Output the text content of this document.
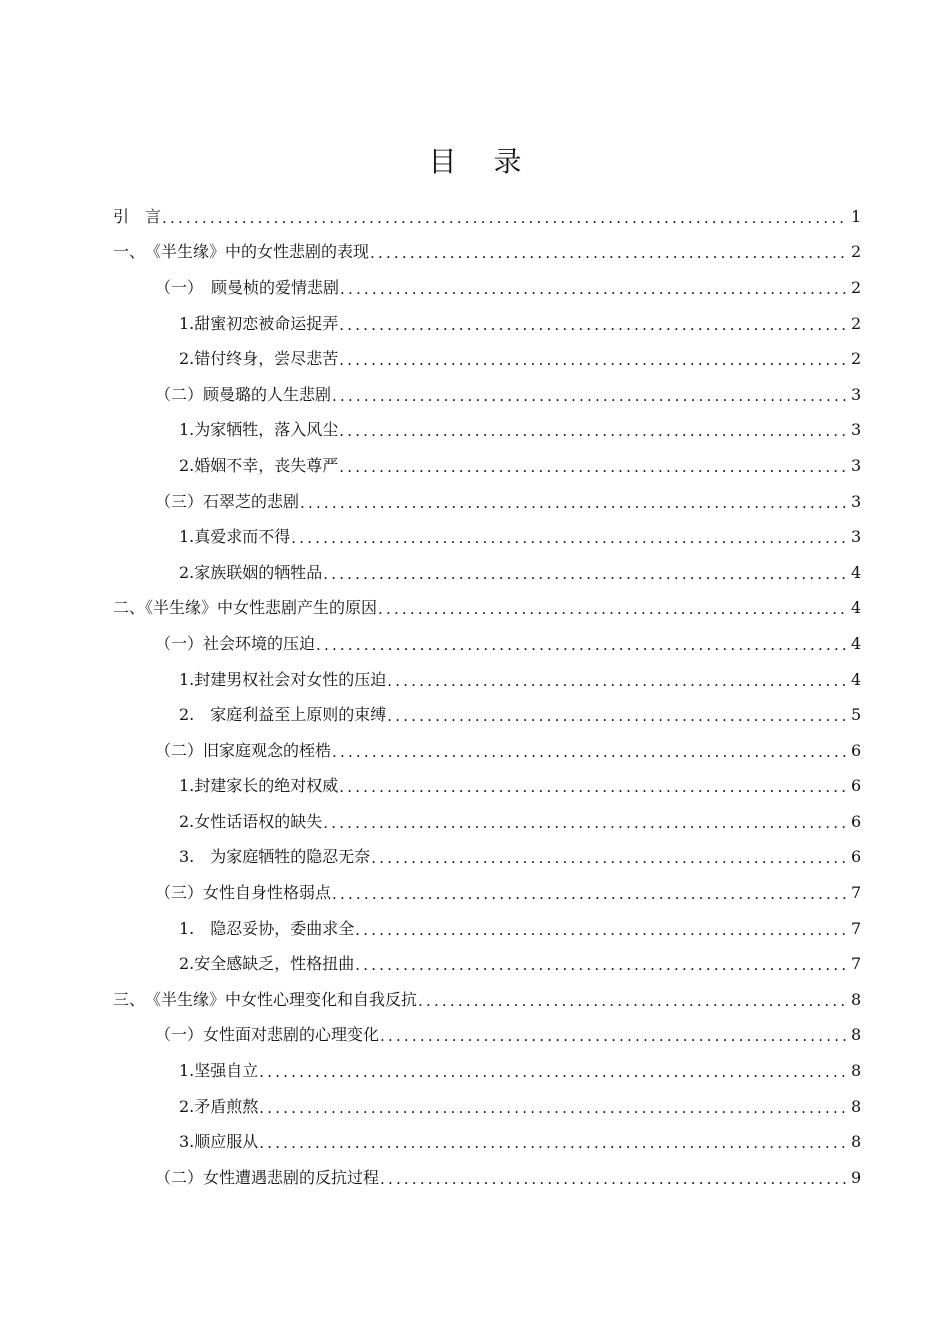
目 录
引　言 .....	1
一、　《半生缘》中的女性悲剧的表现 .....	2
（一）　顾曼桢的爱情悲剧 .....	2
1.甜蜜初恋被命运捉弄 .....	2
2.错付终身，尝尽悲苦 .....	2
（二）顾曼璐的人生悲剧 .....	3
1.为家牺牲，落入风尘 .....	3
2.婚姻不幸，丧失尊严 .....	3
（三）石翠芝的悲剧 .....	3
1.真爱求而不得 .....	3
2.家族联姻的牺牲品 .....	4
二、《半生缘》中女性悲剧产生的原因 .....	4
（一）社会环境的压迫 .....	4
1.封建男权社会对女性的压迫 .....	4
2.　家庭利益至上原则的束缚 .....	5
（二）旧家庭观念的桎梏 .....	6
1.封建家长的绝对权威 .....	6
2.女性话语权的缺失 .....	6
3.　为家庭牺牲的隐忍无奈 .....	6
（三）女性自身性格弱点 .....	7
1.　隐忍妥协，委曲求全 .....	7
2.安全感缺乏，性格扭曲 .....	7
三、　《半生缘》中女性心理变化和自我反抗 .....	8
（一）女性面对悲剧的心理变化 .....	8
1.坚强自立 .....	8
2.矛盾煎熬 .....	8
3.顺应服从 .....	8
（二）女性遭遇悲剧的反抗过程 .....	9
